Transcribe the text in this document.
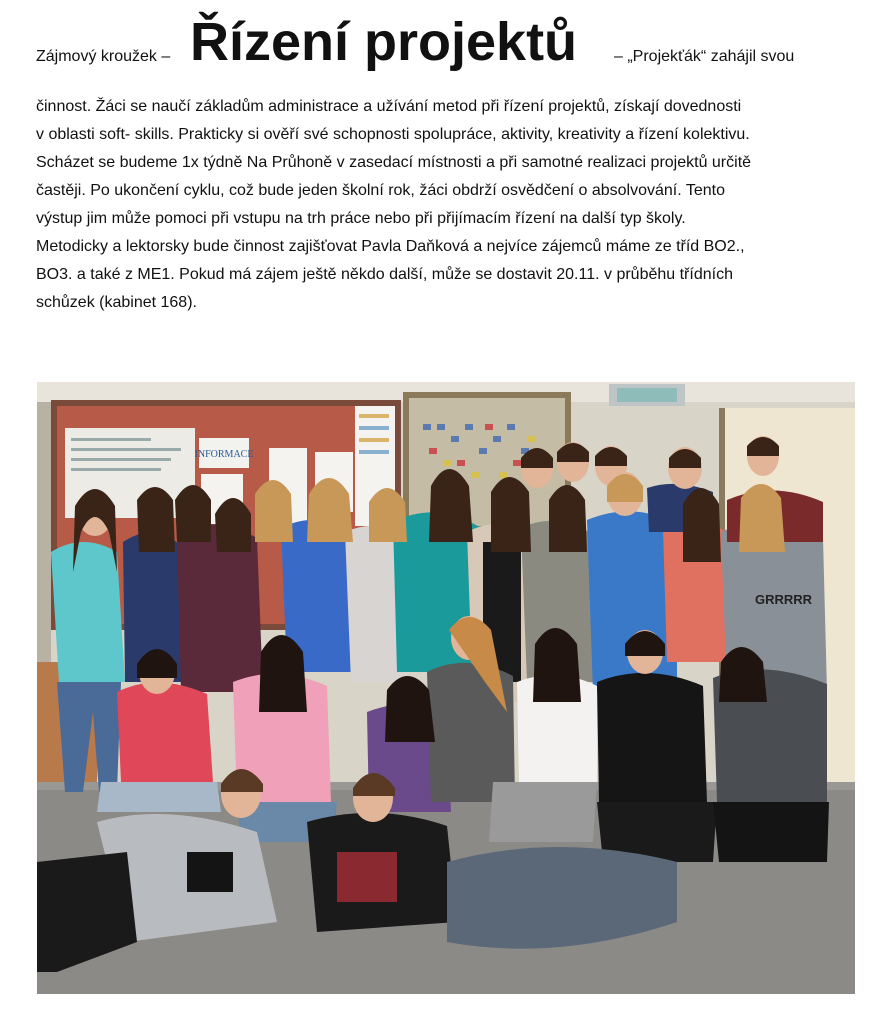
Zájmový kroužek – Řízení projektů – „Projekťák“ zahájil svou
činnost. Žáci se naučí základům administrace a užívání metod při řízení projektů, získají dovednosti
v oblasti soft- skills. Prakticky si ověří své schopnosti spolupráce, aktivity, kreativity a řízení kolektivu.
Scházet se budeme 1x týdně Na Průhoně v zasedací místnosti a při samotné realizaci projektů určitě
častěji. Po ukončení cyklu, což bude jeden školní rok, žáci obdrží osvědčení o absolvování. Tento
výstup jim může pomoci při vstupu na trh práce nebo při přijímacím řízení na další typ školy.
Metodicky a lektorsky bude činnost zajišťovat Pavla Daňková a nejvíce zájemců máme ze tříd BO2.,
BO3. a také z ME1. Pokud má zájem ještě někdo další, může se dostavit 20.11. v průběhu třídních
schůzek (kabinet 168).
INFORMACE
GRRRRR
